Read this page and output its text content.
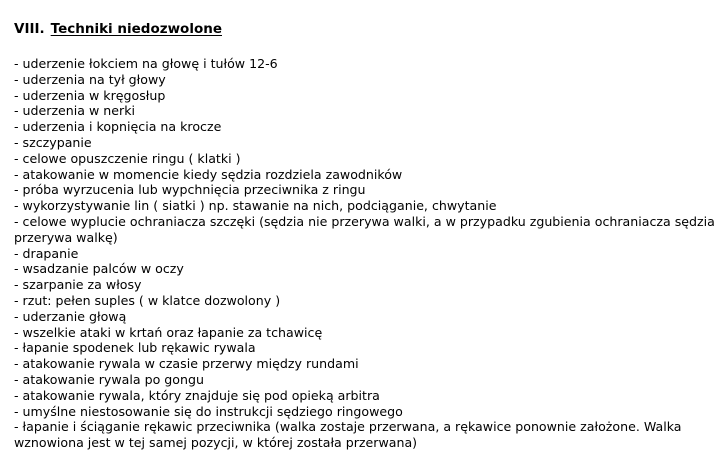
VIII. Techniki niedozwolone
- uderzenie łokciem na głowę i tułów 12-6
- uderzenia na tył głowy
- uderzenia w kręgosłup
- uderzenia w nerki
- uderzenia i kopnięcia na krocze
- szczypanie
- celowe opuszczenie ringu ( klatki )
- atakowanie w momencie kiedy sędzia rozdziela zawodników
- próba wyrzucenia lub wypchnięcia przeciwnika z ringu
- wykorzystywanie lin ( siatki ) np. stawanie na nich, podciąganie, chwytanie
- celowe wyplucie ochraniacza szczęki (sędzia nie przerywa walki, a w przypadku zgubienia ochraniacza sędzia przerywa walkę)
- drapanie
- wsadzanie palców w oczy
- szarpanie za włosy
- rzut: pełen suples ( w klatce dozwolony )
- uderzanie głową
- wszelkie ataki w krtań oraz łapanie za tchawicę
- łapanie spodenek lub rękawic rywala
- atakowanie rywala w czasie przerwy między rundami
- atakowanie rywala po gongu
- atakowanie rywala, który znajduje się pod opieką arbitra
- umyślne niestosowanie się do instrukcji sędziego ringowego
- łapanie i ściąganie rękawic przeciwnika (walka zostaje przerwana, a rękawice ponownie założone. Walka wznowiona jest w tej samej pozycji, w której została przerwana)
